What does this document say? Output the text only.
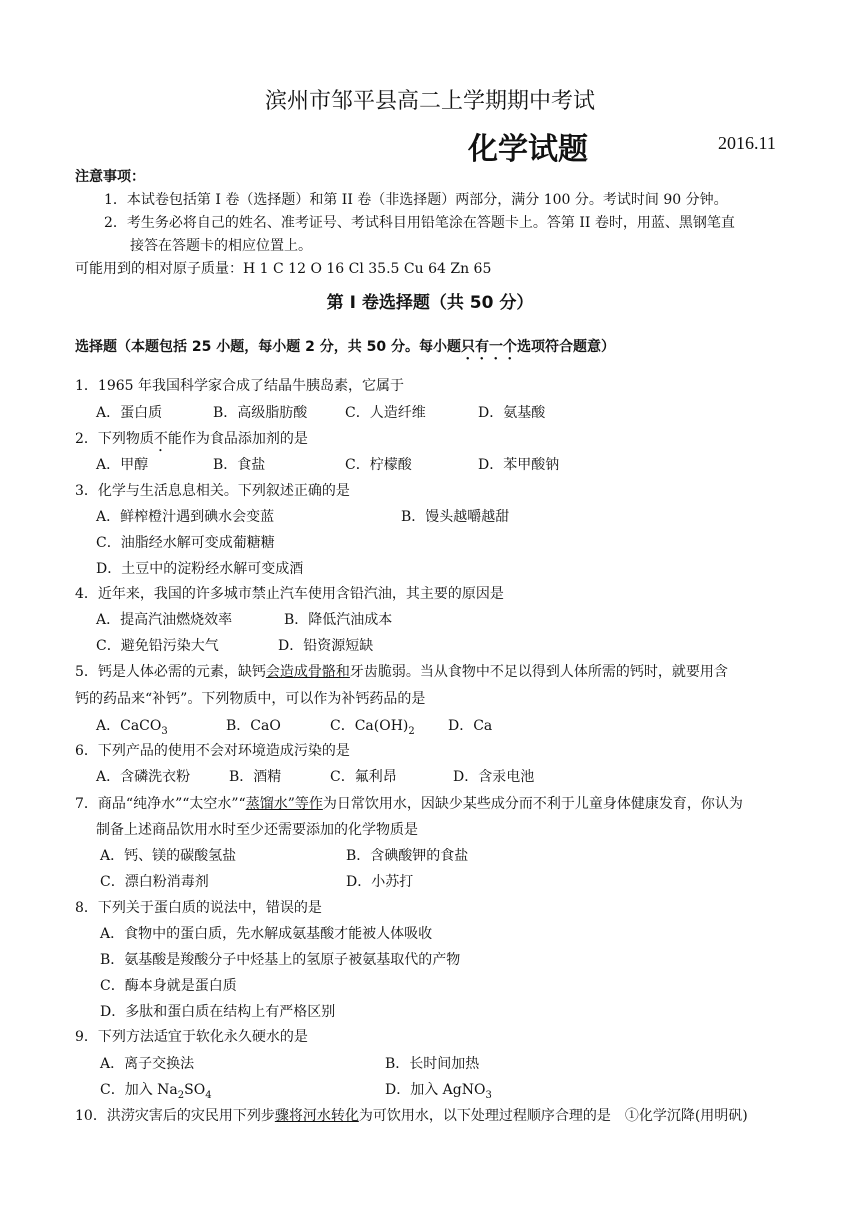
滨州市邹平县高二上学期期中考试
化学试题	2016.11
注意事项：
1．本试卷包括第 I 卷（选择题）和第 II 卷（非选择题）两部分，满分 100 分。考试时间 90 分钟。
2．考生务必将自己的姓名、准考证号、考试科目用铅笔涂在答题卡上。答第 II 卷时，用蓝、黑钢笔直
接答在答题卡的相应位置上。
可能用到的相对原子质量：H 1 C 12 O 16 Cl 35.5 Cu 64 Zn 65
第 I 卷选择题（共 50 分）
选择题（本题包括 25 小题，每小题 2 分，共 50 分。每小题只有一个选项符合题意）
1．1965 年我国科学家合成了结晶牛胰岛素，它属于
A．蛋白质	B．高级脂肪酸	C．人造纤维	D．氨基酸
2．下列物质不能作为食品添加剂的是
A．甲醇	B．食盐	C．柠檬酸	D．苯甲酸钠
3．化学与生活息息相关。下列叙述正确的是
A．鲜榨橙汁遇到碘水会变蓝	B．馒头越嚼越甜
C．油脂经水解可变成葡糖糖
D．土豆中的淀粉经水解可变成酒
4．近年来，我国的许多城市禁止汽车使用含铅汽油，其主要的原因是
A．提高汽油燃烧效率	B．降低汽油成本
C．避免铅污染大气	D．铅资源短缺
5．钙是人体必需的元素，缺钙会造成骨骼和牙齿脆弱。当从食物中不足以得到人体所需的钙时，就要用含
钙的药品来“补钙”。下列物质中，可以作为补钙药品的是
A．CaCO$_3$	B．CaO	C．$Ca(OH)_2$ D．Ca
6．下列产品的使用不会对环境造成污染的是
A．含磷洗衣粉	B．酒精	C．氟利昂	D．含汞电池
7．商品“纯净水”“太空水”“蒸馏水”等作为日常饮用水，因缺少某些成分而不利于儿童身体健康发育，你认为
制备上述商品饮用水时至少还需要添加的化学物质是
A．钙、镁的碳酸氢盐	B．含碘酸钾的食盐
C．漂白粉消毒剂	D．小苏打
8．下列关于蛋白质的说法中，错误的是
A．食物中的蛋白质，先水解成氨基酸才能被人体吸收
B．氨基酸是羧酸分子中烃基上的氢原子被氨基取代的产物
C．酶本身就是蛋白质
D．多肽和蛋白质在结构上有严格区别
9．下列方法适宜于软化永久硬水的是
A．离子交换法	B．长时间加热
C．加入 $Na_2SO_4$	D．加入 AgNO$_3$
10．洪涝灾害后的灾民用下列步骤将河水转化为可饮用水，以下处理过程顺序合理的是　①化学沉降(用明矾)
